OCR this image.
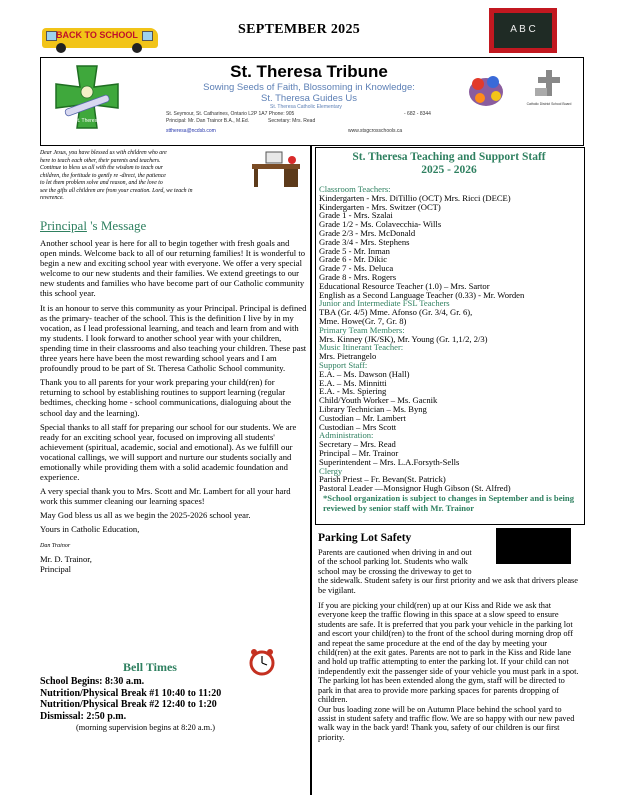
BACK TO SCHOOL	SEPTEMBER 2025	A B C
St. Theresa
St. Theresa Tribune
Sowing Seeds of Faith, Blossoming in Knowledge:
St. Theresa Guides Us
St. Theresa Catholic Elementary
St. Seymour, St. Catharines, Ontario L2P 1A7 Phone: 905	- 682 - 8344
Principal: Mr. Dan Trainor B.A., M.Ed.	Secretary: Mrs. Read
sttheresa@ncdsb.com	www.stsgcrosschools.ca
Catholic District School Board
Dear Jesus, you have blessed us with children who are
here to teach each other, their parents and teachers.
Continue to bless us all with the wisdom to teach our
children, the fortitude to gently re -direct, the patience
to let them problem solve and reason, and the love to
see the gifts all children are from your creation. Lord, we teach in
reverence.
Principal 's Message

Another school year is here for all to begin together with fresh goals and open minds. Welcome back to all of our returning families! It is wonderful to begin a new and exciting school year with everyone. We offer a very special welcome to our new students and their families. We extend greetings to our new students and families who have become part of our Catholic community this school year.

It is an honour to serve this community as your Principal. Principal is defined as the primary- teacher of the school. This is the definition I live by in my vocation, as I lead professional learning, and teach and learn from and with my students. I look forward to another school year with your children, spending time in their classrooms and also teaching your children. These past three years here have been the most rewarding school years and I am profoundly proud to be part of St. Theresa Catholic School community.

Thank you to all parents for your work preparing your child(ren) for returning to school by establishing routines to support learning (regular bedtimes, checking home - school communications, dialoguing about the school day and the learning).

Special thanks to all staff for preparing our school for our students. We are ready for an exciting school year, focused on improving all students' achievement (spiritual, academic, social and emotional). As we fulfill our vocational callings, we will support and nurture our students socially and emotionally while providing them with a solid academic foundation and experience.

A very special thank you to Mrs. Scott and Mr. Lambert for all your hard work this summer cleaning our learning spaces!

May God bless us all as we begin the 2025-2026 school year.

Yours in Catholic Education,

Dan Trainor
Mr. D. Trainor,
Principal
Bell Times
School Begins: 8:30 a.m.
Nutrition/Physical Break #1 10:40 to 11:20
Nutrition/Physical Break #2 12:40 to 1:20
Dismissal: 2:50 p.m.
(morning supervision begins at 8:20 a.m.)
St. Theresa Teaching and Support Staff
2025 - 2026
Classroom Teachers:
Kindergarten - Mrs. DiTillio (OCT) Mrs. Ricci (DECE)
Kindergarten - Mrs. Switzer (OCT)
Grade 1 - Mrs. Szalai
Grade 1/2 - Ms. Colavecchia- Wills
Grade 2/3 - Mrs. McDonald
Grade 3/4 - Mrs. Stephens
Grade 5 - Mr. Inman
Grade 6 - Mr. Dikic
Grade 7 - Ms. Deluca
Grade 8 - Mrs. Rogers
Educational Resource Teacher (1.0) – Mrs. Sartor
English as a Second Language Teacher (0.33) - Mr. Worden
Junior and Intermediate FSL Teachers
TBA (Gr. 4/5) Mme. Afonso (Gr. 3/4, Gr. 6),
Mme. Howe(Gr. 7, Gr. 8)
Primary Team Members:
Mrs. Kinney (JK/SK), Mr. Young (Gr. 1,1/2, 2/3)
Music Itinerant Teacher:
Mrs. Pietrangelo
Support Staff:
E.A. – Ms. Dawson (Hall)
E.A. – Ms. Minnitti
E.A. - Ms. Spiering
Child/Youth Worker – Ms. Gacnik
Library Technician – Ms. Byng
Custodian – Mr. Lambert
Custodian – Mrs Scott
Administration:
Secretary – Mrs. Read
Principal – Mr. Trainor
Superintendent – Mrs. L.A.Forsyth-Sells
Clergy
Parish Priest – Fr. Bevan(St. Patrick)
Pastoral Leader —Monsignor Hugh Gibson (St. Alfred)
*School organization is subject to changes in September and is being reviewed by senior staff with Mr. Trainor
Parking Lot Safety

Parents are cautioned when driving in and out

of the school parking lot. Students who walk

school may be crossing the driveway to get to

the sidewalk. Student safety is our first priority and we ask that drivers please be vigilant.

If you are picking your child(ren) up at our Kiss and Ride we ask that everyone keep the traffic flowing in this space at a slow speed to ensure students are safe. It is preferred that you park your vehicle in the parking lot and escort your child(ren) to the front of the school during morning drop off and repeat the same procedure at the end of the day by meeting your child(ren) at the exit gates. Parents are not to park in the Kiss and Ride lane and hold up traffic attempting to enter the parking lot. If your child can not independently exit the passenger side of your vehicle you must park in a spot. The parking lot has been extended along the gym, staff will be directed to park in that area to provide more parking spaces for parents dropping of children.

Our bus loading zone will be on Autumn Place behind the school yard to assist in student safety and traffic flow. We are so happy with our new paved walk way in the back yard! Thank you, safety of our children is our first priority.
